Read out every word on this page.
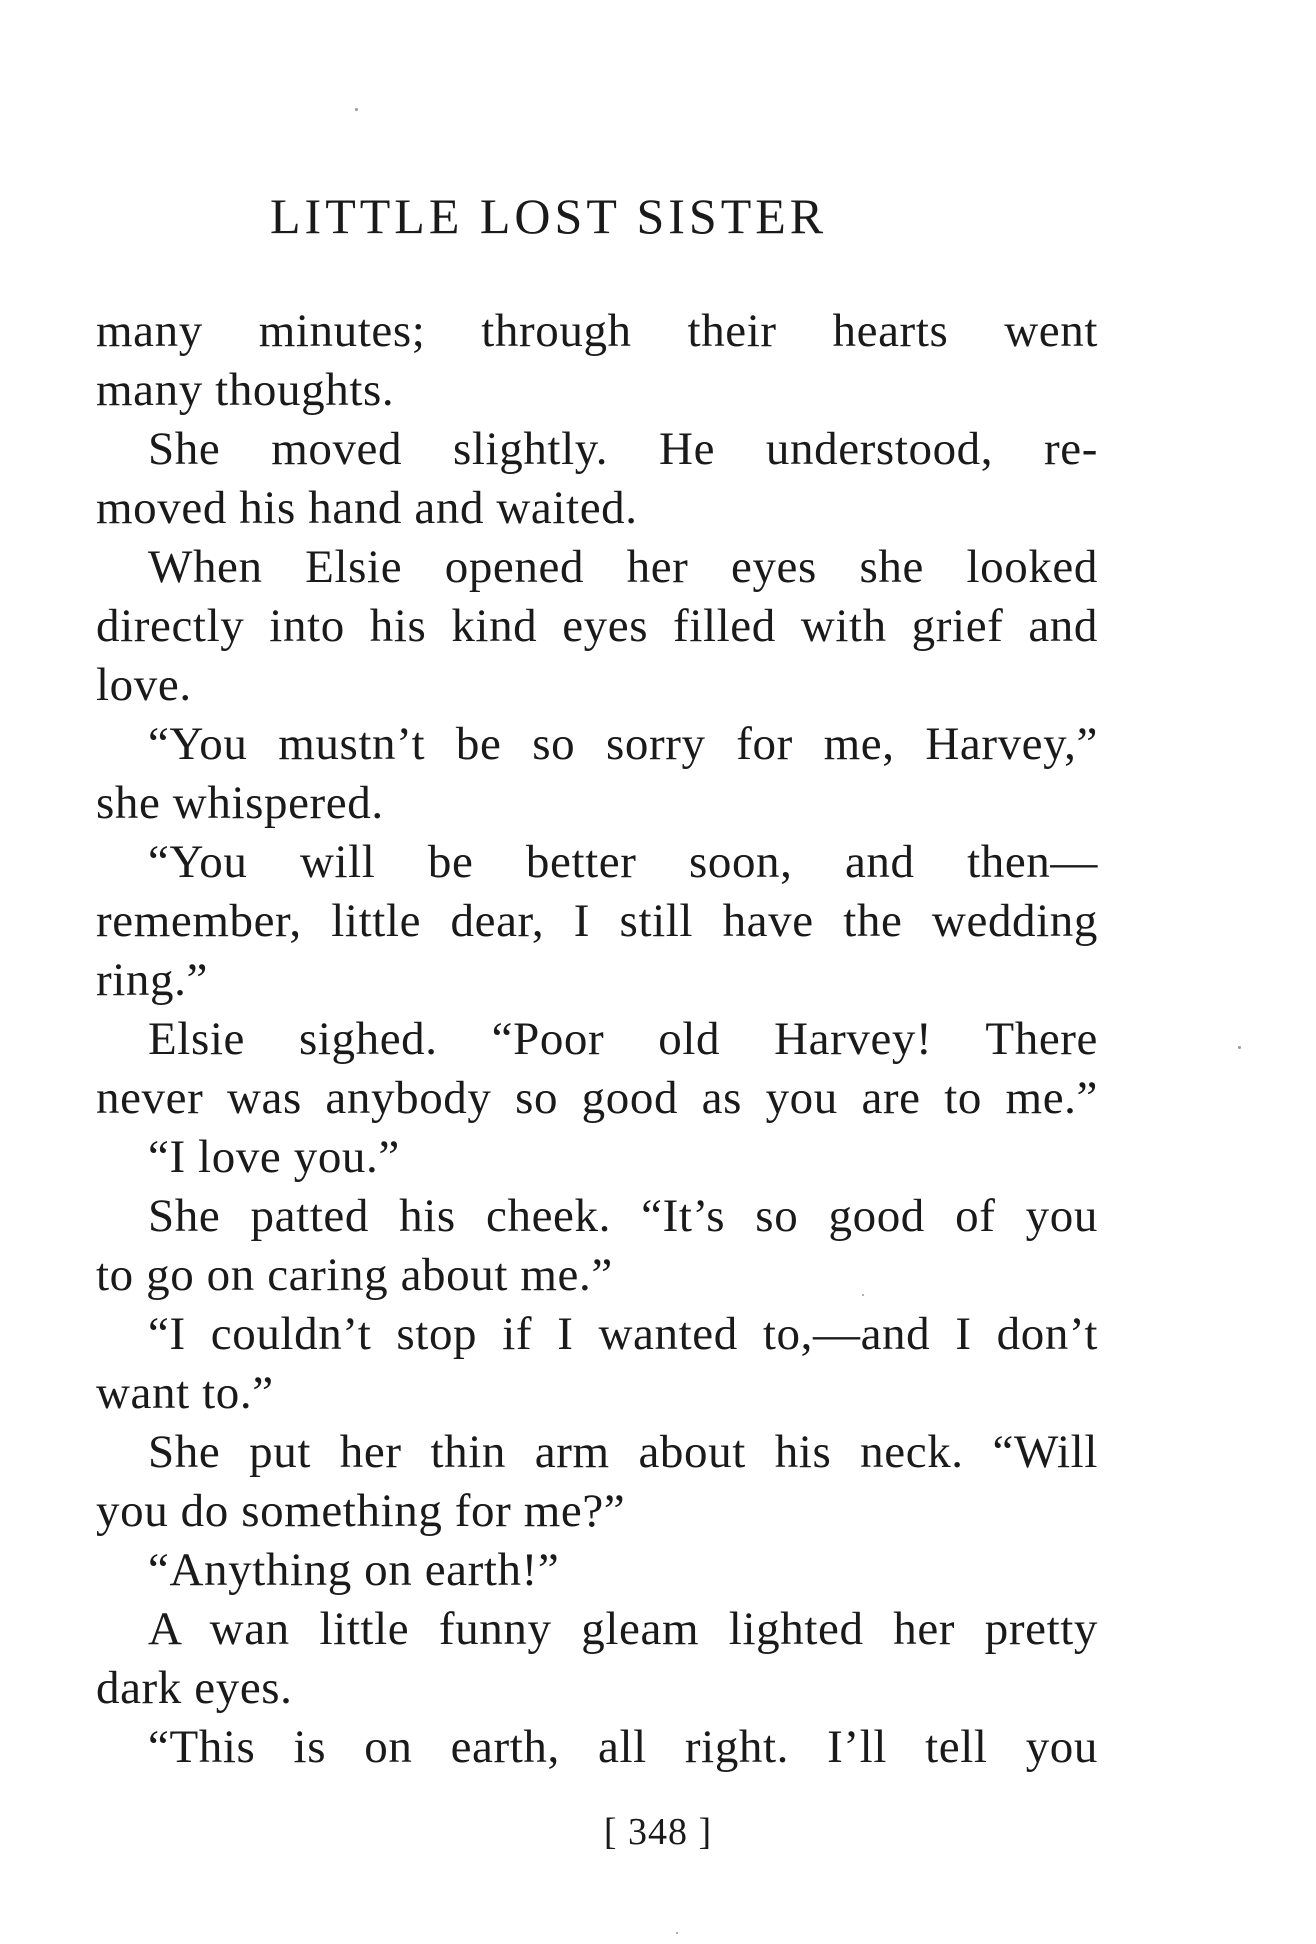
LITTLE LOST SISTER
many minutes; through their hearts went
many thoughts.
She moved slightly. He understood, re-
moved his hand and waited.
When Elsie opened her eyes she looked
directly into his kind eyes filled with grief and
love.
“You mustn’t be so sorry for me, Harvey,”
she whispered.
“You will be better soon, and then—
remember, little dear, I still have the wedding
ring.”
Elsie sighed. “Poor old Harvey! There
never was anybody so good as you are to me.”
“I love you.”
She patted his cheek. “It’s so good of you
to go on caring about me.”
“I couldn’t stop if I wanted to,—and I don’t
want to.”
She put her thin arm about his neck. “Will
you do something for me?”
“Anything on earth!”
A wan little funny gleam lighted her pretty
dark eyes.
“This is on earth, all right. I’ll tell you
[ 348 ]
